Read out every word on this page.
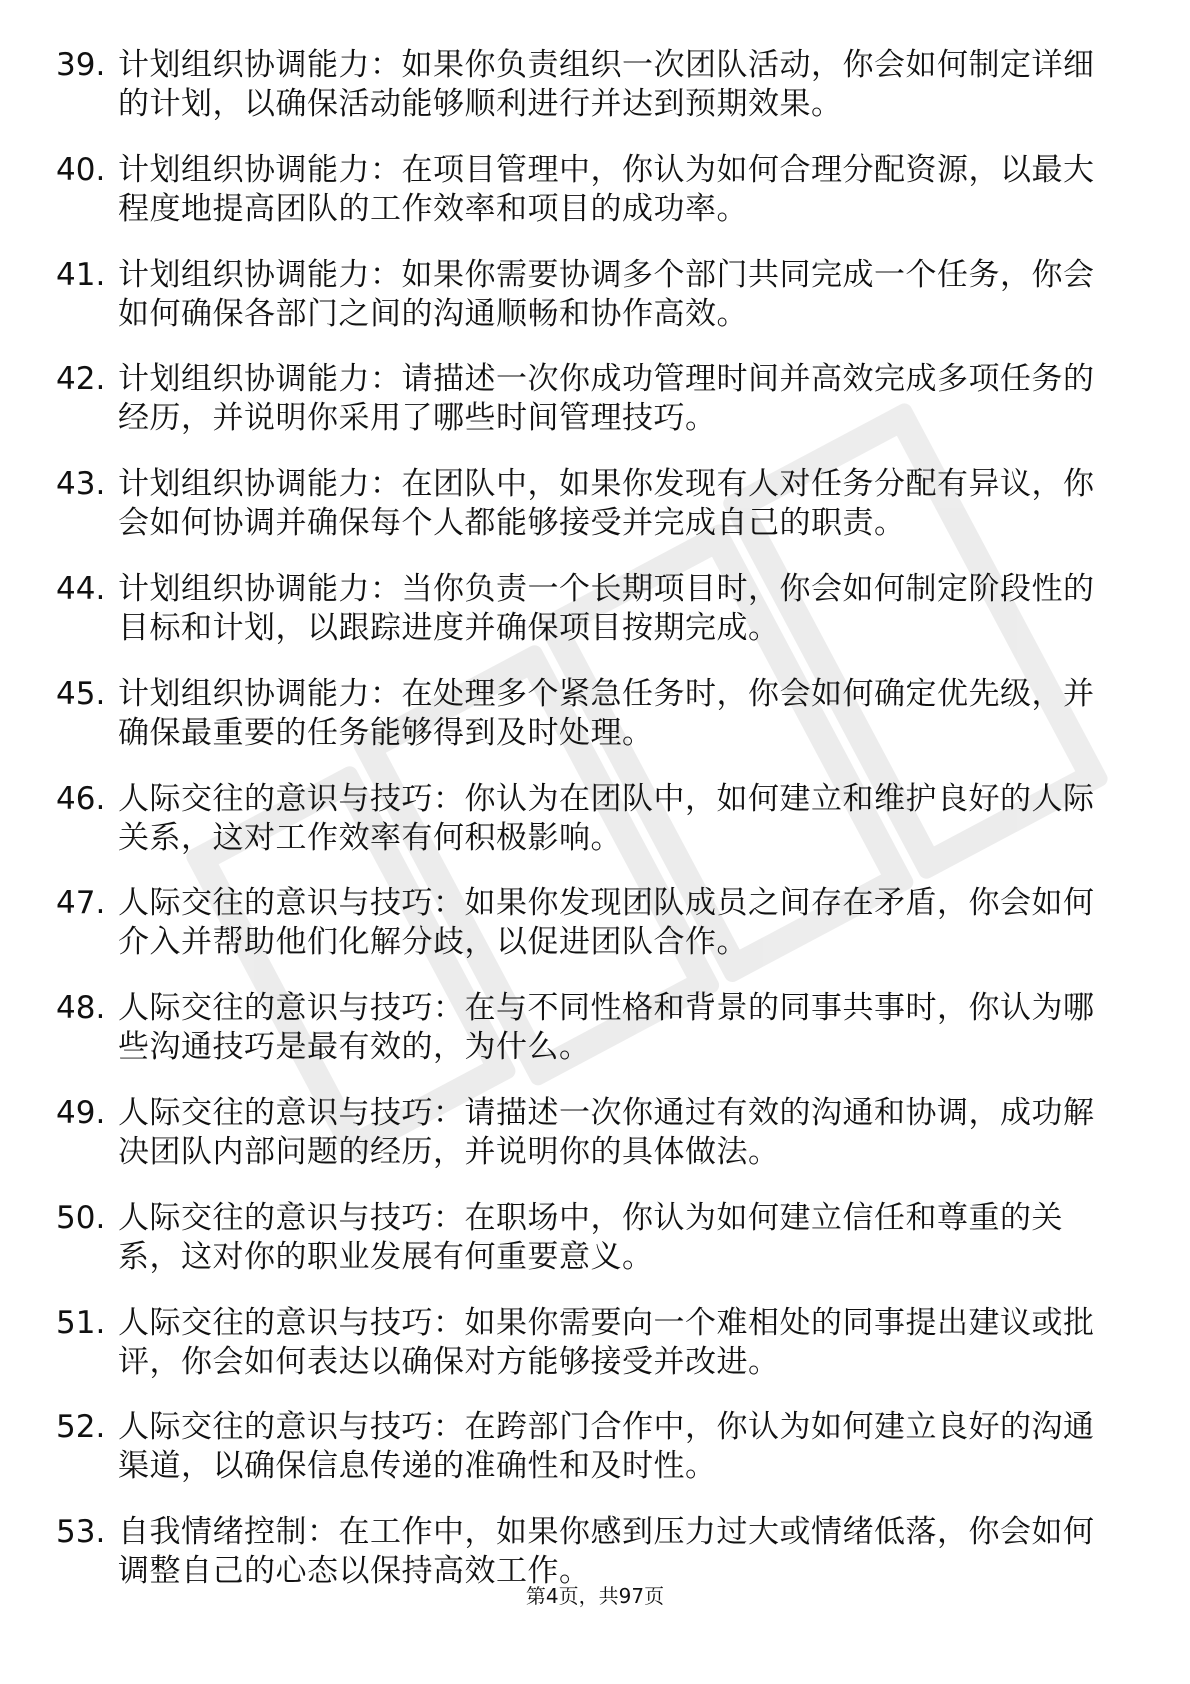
39. 计划组织协调能力：如果你负责组织一次团队活动，你会如何制定详细的计划，以确保活动能够顺利进行并达到预期效果。
40. 计划组织协调能力：在项目管理中，你认为如何合理分配资源，以最大程度地提高团队的工作效率和项目的成功率。
41. 计划组织协调能力：如果你需要协调多个部门共同完成一个任务，你会如何确保各部门之间的沟通顺畅和协作高效。
42. 计划组织协调能力：请描述一次你成功管理时间并高效完成多项任务的经历，并说明你采用了哪些时间管理技巧。
43. 计划组织协调能力：在团队中，如果你发现有人对任务分配有异议，你会如何协调并确保每个人都能够接受并完成自己的职责。
44. 计划组织协调能力：当你负责一个长期项目时，你会如何制定阶段性的目标和计划，以跟踪进度并确保项目按期完成。
45. 计划组织协调能力：在处理多个紧急任务时，你会如何确定优先级，并确保最重要的任务能够得到及时处理。
46. 人际交往的意识与技巧：你认为在团队中，如何建立和维护良好的人际关系，这对工作效率有何积极影响。
47. 人际交往的意识与技巧：如果你发现团队成员之间存在矛盾，你会如何介入并帮助他们化解分歧，以促进团队合作。
48. 人际交往的意识与技巧：在与不同性格和背景的同事共事时，你认为哪些沟通技巧是最有效的，为什么。
49. 人际交往的意识与技巧：请描述一次你通过有效的沟通和协调，成功解决团队内部问题的经历，并说明你的具体做法。
50. 人际交往的意识与技巧：在职场中，你认为如何建立信任和尊重的关系，这对你的职业发展有何重要意义。
51. 人际交往的意识与技巧：如果你需要向一个难相处的同事提出建议或批评，你会如何表达以确保对方能够接受并改进。
52. 人际交往的意识与技巧：在跨部门合作中，你认为如何建立良好的沟通渠道，以确保信息传递的准确性和及时性。
53. 自我情绪控制：在工作中，如果你感到压力过大或情绪低落，你会如何调整自己的心态以保持高效工作。
第4页，共97页
